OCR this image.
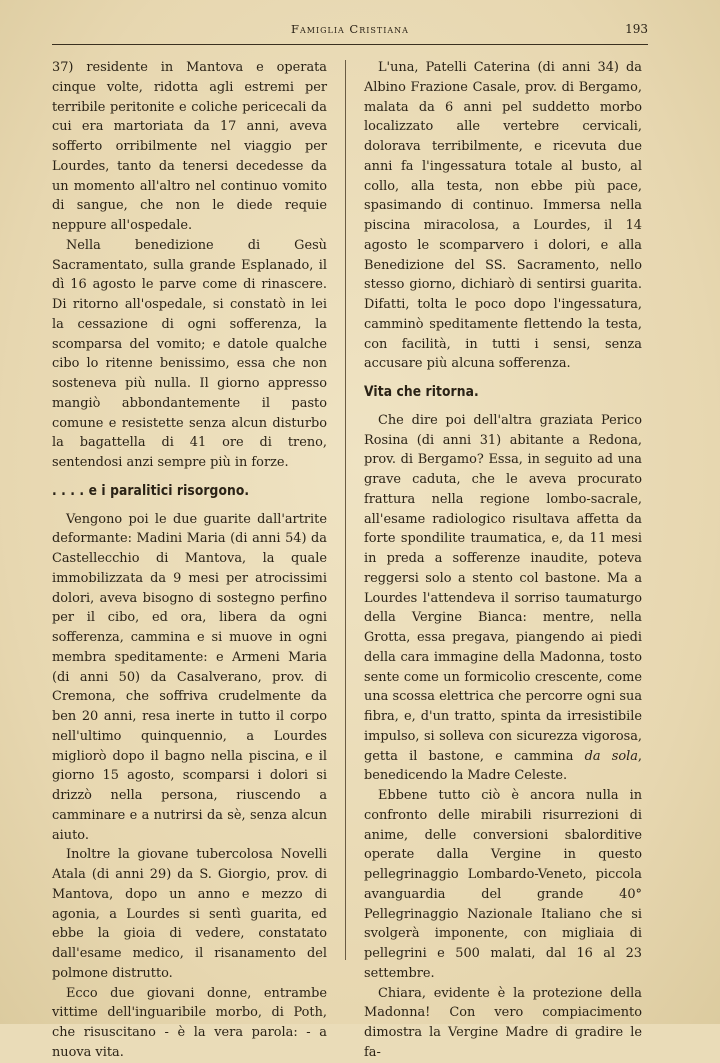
Famiglia Cristiana	193

37) residente in Mantova e operata cinque volte, ridotta agli estremi per terribile peritonite e coliche pericecali da cui era martoriata da 17 anni, aveva sofferto orribilmente nel viaggio per Lourdes, tanto da tenersi decedesse da un momento all'altro nel continuo vomito di sangue, che non le diede requie neppure all'ospedale.

Nella benedizione di Gesù Sacramentato, sulla grande Esplanado, il dì 16 agosto le parve come di rinascere. Di ritorno all'ospedale, si constatò in lei la cessazione di ogni sofferenza, la scomparsa del vomito; e datole qualche cibo lo ritenne benissimo, essa che non sosteneva più nulla. Il giorno appresso mangiò abbondantemente il pasto comune e resistette senza alcun disturbo la bagattella di 41 ore di treno, sentendosi anzi sempre più in forze.

. . . . e i paralitici risorgono.

Vengono poi le due guarite dall'artrite deformante: Madini Maria (di anni 54) da Castellecchio di Mantova, la quale immobilizzata da 9 mesi per atrocissimi dolori, aveva bisogno di sostegno perfino per il cibo, ed ora, libera da ogni sofferenza, cammina e si muove in ogni membra speditamente: e Armeni Maria (di anni 50) da Casalverano, prov. di Cremona, che soffriva crudelmente da ben 20 anni, resa inerte in tutto il corpo nell'ultimo quinquennio, a Lourdes migliorò dopo il bagno nella piscina, e il giorno 15 agosto, scomparsi i dolori si drizzò nella persona, riuscendo a camminare e a nutrirsi da sè, senza alcun aiuto.

Inoltre la giovane tubercolosa Novelli Atala (di anni 29) da S. Giorgio, prov. di Mantova, dopo un anno e mezzo di agonia, a Lourdes si sentì guarita, ed ebbe la gioia di vedere, constatato dall'esame medico, il risanamento del polmone distrutto.

Ecco due giovani donne, entrambe vittime dell'inguaribile morbo, di Poth, che risuscitano - è la vera parola: - a nuova vita.

L'una, Patelli Caterina (di anni 34) da Albino Frazione Casale, prov. di Bergamo, malata da 6 anni pel suddetto morbo localizzato alle vertebre cervicali, dolorava terribilmente, e ricevuta due anni fa l'ingessatura totale al busto, al collo, alla testa, non ebbe più pace, spasimando di continuo. Immersa nella piscina miracolosa, a Lourdes, il 14 agosto le scomparvero i dolori, e alla Benedizione del SS. Sacramento, nello stesso giorno, dichiarò di sentirsi guarita. Difatti, tolta le poco dopo l'ingessatura, camminò speditamente flettendo la testa, con facilità, in tutti i sensi, senza accusare più alcuna sofferenza.

Vita che ritorna.

Che dire poi dell'altra graziata Perico Rosina (di anni 31) abitante a Redona, prov. di Bergamo? Essa, in seguito ad una grave caduta, che le aveva procurato frattura nella regione lombo-sacrale, all'esame radiologico risultava affetta da forte spondilite traumatica, e, da 11 mesi in preda a sofferenze inaudite, poteva reggersi solo a stento col bastone. Ma a Lourdes l'attendeva il sorriso taumaturgo della Vergine Bianca: mentre, nella Grotta, essa pregava, piangendo ai piedi della cara immagine della Madonna, tosto sente come un formicolio crescente, come una scossa elettrica che percorre ogni sua fibra, e, d'un tratto, spinta da irresistibile impulso, si solleva con sicurezza vigorosa, getta il bastone, e cammina da sola, benedicendo la Madre Celeste.

Ebbene tutto ciò è ancora nulla in confronto delle mirabili risurrezioni di anime, delle conversioni sbalorditive operate dalla Vergine in questo pellegrinaggio Lombardo-Veneto, piccola avanguardia del grande 40° Pellegrinaggio Nazionale Italiano che si svolgerà imponente, con migliaia di pellegrini e 500 malati, dal 16 al 23 settembre.

Chiara, evidente è la protezione della Madonna! Con vero compiacimento dimostra la Vergine Madre di gradire le fa-
